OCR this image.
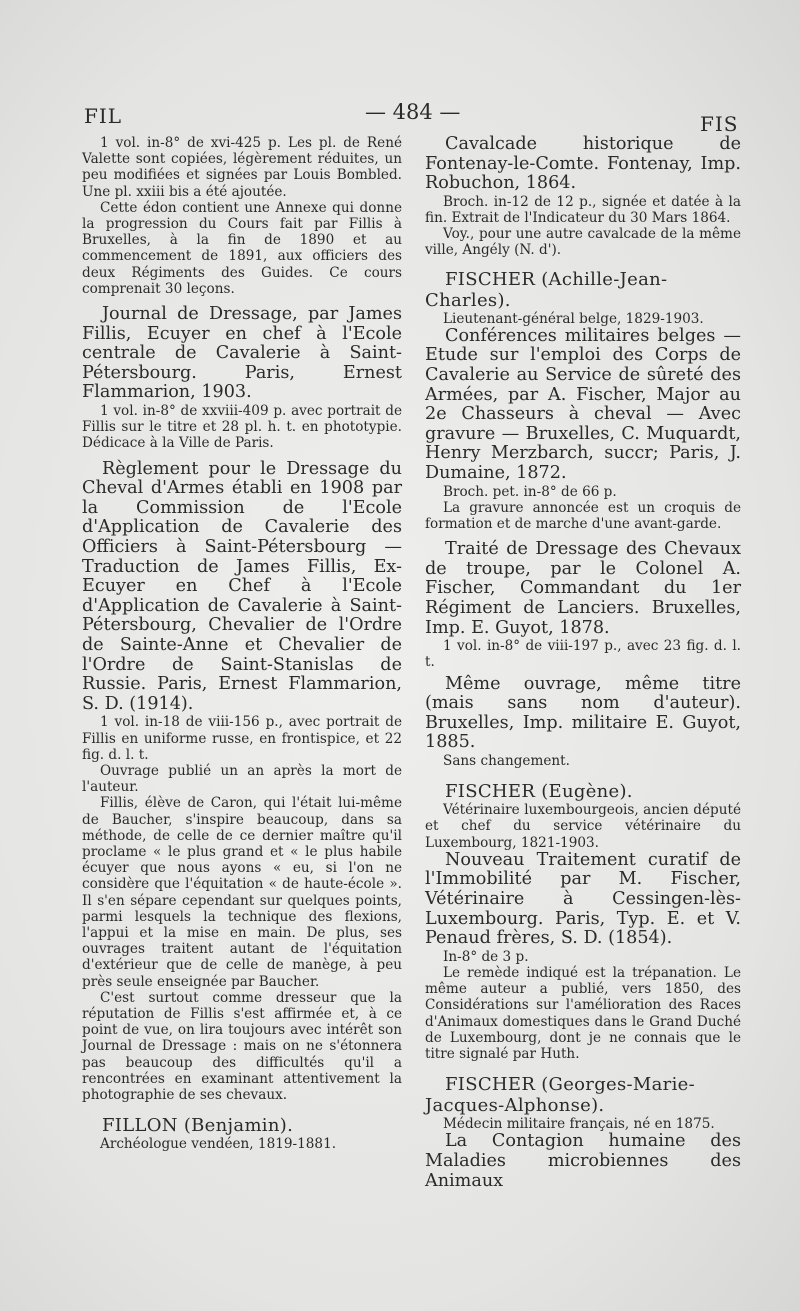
FIL	— 484 —	FIS

1 vol. in-8° de xvi-425 p. Les pl. de René Valette sont copiées, légèrement réduites, un peu modifiées et signées par Louis Bombled. Une pl. xxiii bis a été ajoutée.

Cette édon contient une Annexe qui donne la progression du Cours fait par Fillis à Bruxelles, à la fin de 1890 et au commencement de 1891, aux officiers des deux Régiments des Guides. Ce cours comprenait 30 leçons.

Journal de Dressage, par James Fillis, Ecuyer en chef à l'Ecole centrale de Cavalerie à Saint-Pétersbourg. Paris, Ernest Flammarion, 1903.

1 vol. in-8° de xxviii-409 p. avec portrait de Fillis sur le titre et 28 pl. h. t. en phototypie. Dédicace à la Ville de Paris.

Règlement pour le Dressage du Cheval d'Armes établi en 1908 par la Commission de l'Ecole d'Application de Cavalerie des Officiers à Saint-Pétersbourg — Traduction de James Fillis, Ex-Ecuyer en Chef à l'Ecole d'Application de Cavalerie à Saint-Pétersbourg, Chevalier de l'Ordre de Sainte-Anne et Chevalier de l'Ordre de Saint-Stanislas de Russie. Paris, Ernest Flammarion, S. D. (1914).

1 vol. in-18 de viii-156 p., avec portrait de Fillis en uniforme russe, en frontispice, et 22 fig. d. l. t.

Ouvrage publié un an après la mort de l'auteur.

Fillis, élève de Caron, qui l'était lui-même de Baucher, s'inspire beaucoup, dans sa méthode, de celle de ce dernier maître qu'il proclame « le plus grand et « le plus habile écuyer que nous ayons « eu, si l'on ne considère que l'équitation « de haute-école ». Il s'en sépare cependant sur quelques points, parmi lesquels la technique des flexions, l'appui et la mise en main. De plus, ses ouvrages traitent autant de l'équitation d'extérieur que de celle de manège, à peu près seule enseignée par Baucher.

C'est surtout comme dresseur que la réputation de Fillis s'est affirmée et, à ce point de vue, on lira toujours avec intérêt son Journal de Dressage : mais on ne s'étonnera pas beaucoup des difficultés qu'il a rencontrées en examinant attentivement la photographie de ses chevaux.

FILLON (Benjamin).

Archéologue vendéen, 1819-1881.

Cavalcade historique de Fontenay-le-Comte. Fontenay, Imp. Robuchon, 1864.

Broch. in-12 de 12 p., signée et datée à la fin. Extrait de l'Indicateur du 30 Mars 1864.

Voy., pour une autre cavalcade de la même ville, Angély (N. d').

FISCHER (Achille-Jean-Charles).

Lieutenant-général belge, 1829-1903.

Conférences militaires belges — Etude sur l'emploi des Corps de Cavalerie au Service de sûreté des Armées, par A. Fischer, Major au 2e Chasseurs à cheval — Avec gravure — Bruxelles, C. Muquardt, Henry Merzbarch, succr; Paris, J. Dumaine, 1872.

Broch. pet. in-8° de 66 p.

La gravure annoncée est un croquis de formation et de marche d'une avant-garde.

Traité de Dressage des Chevaux de troupe, par le Colonel A. Fischer, Commandant du 1er Régiment de Lanciers. Bruxelles, Imp. E. Guyot, 1878.

1 vol. in-8° de viii-197 p., avec 23 fig. d. l. t.

Même ouvrage, même titre (mais sans nom d'auteur). Bruxelles, Imp. militaire E. Guyot, 1885.

Sans changement.

FISCHER (Eugène).

Vétérinaire luxembourgeois, ancien député et chef du service vétérinaire du Luxembourg, 1821-1903.

Nouveau Traitement curatif de l'Immobilité par M. Fischer, Vétérinaire à Cessingen-lès-Luxembourg. Paris, Typ. E. et V. Penaud frères, S. D. (1854).

In-8° de 3 p.

Le remède indiqué est la trépanation. Le même auteur a publié, vers 1850, des Considérations sur l'amélioration des Races d'Animaux domestiques dans le Grand Duché de Luxembourg, dont je ne connais que le titre signalé par Huth.

FISCHER (Georges-Marie-Jacques-Alphonse).

Médecin militaire français, né en 1875.

La Contagion humaine des Maladies microbiennes des Animaux
